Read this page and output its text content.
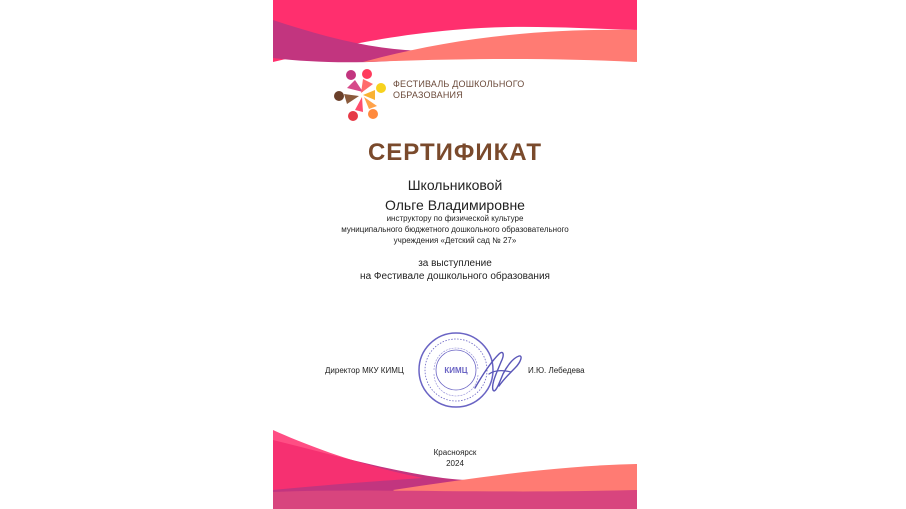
ФЕСТИВАЛЬ ДОШКОЛЬНОГО
ОБРАЗОВАНИЯ
СЕРТИФИКАТ
Школьниковой
Ольге Владимировне
инструктору по физической культуре
муниципального бюджетного дошкольного образовательного
учреждения «Детский сад № 27»
за выступление
на Фестивале дошкольного образования
Директор МКУ КИМЦ	КИМЦ	И.Ю. Лебедева
Красноярск
2024
